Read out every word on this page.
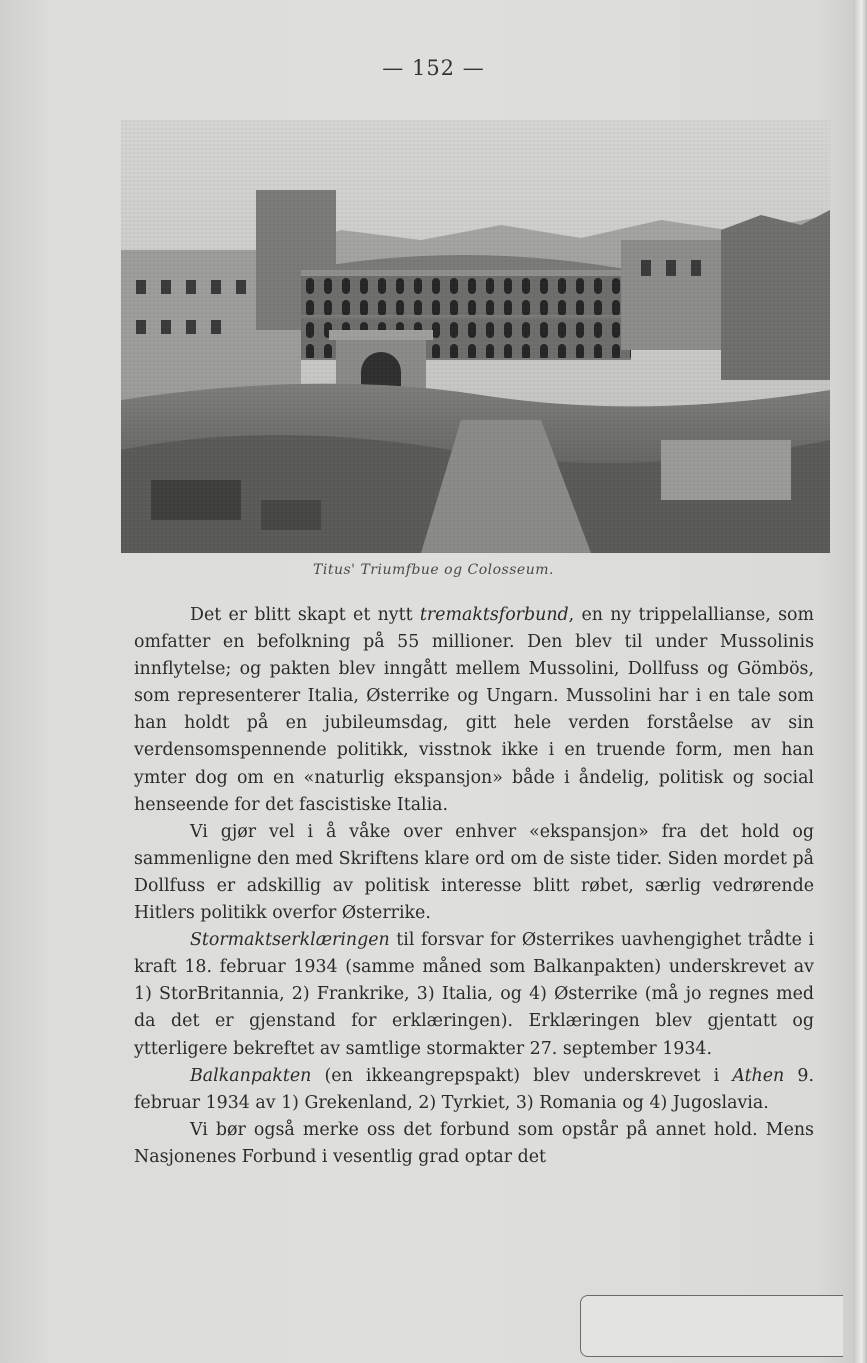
— 152 —
Titus' Triumfbue og Colosseum.

Det er blitt skapt et nytt tremaktsforbund, en ny trippelallianse, som omfatter en befolkning på 55 millioner. Den blev til under Mussolinis innflytelse; og pakten blev inngått mellem Mussolini, Dollfuss og Gömbös, som representerer Italia, Østerrike og Ungarn. Mussolini har i en tale som han holdt på en jubileumsdag, gitt hele verden forståelse av sin verdensomspennende politikk, visstnok ikke i en truende form, men han ymter dog om en «naturlig ekspansjon» både i åndelig, politisk og social henseende for det fascistiske Italia.

Vi gjør vel i å våke over enhver «ekspansjon» fra det hold og sammenligne den med Skriftens klare ord om de siste tider. Siden mordet på Dollfuss er adskillig av politisk interesse blitt røbet, særlig vedrørende Hitlers politikk overfor Østerrike.

Stormaktserklæringen til forsvar for Østerrikes uavhengighet trådte i kraft 18. februar 1934 (samme måned som Balkanpakten) underskrevet av 1) StorBritannia, 2) Frankrike, 3) Italia, og 4) Østerrike (må jo regnes med da det er gjenstand for erklæringen). Erklæringen blev gjentatt og ytterligere bekreftet av samtlige stormakter 27. september 1934.

Balkanpakten (en ikkeangrepspakt) blev underskrevet i Athen 9. februar 1934 av 1) Grekenland, 2) Tyrkiet, 3) Romania og 4) Jugoslavia.

Vi bør også merke oss det forbund som opstår på annet hold. Mens Nasjonenes Forbund i vesentlig grad optar det
